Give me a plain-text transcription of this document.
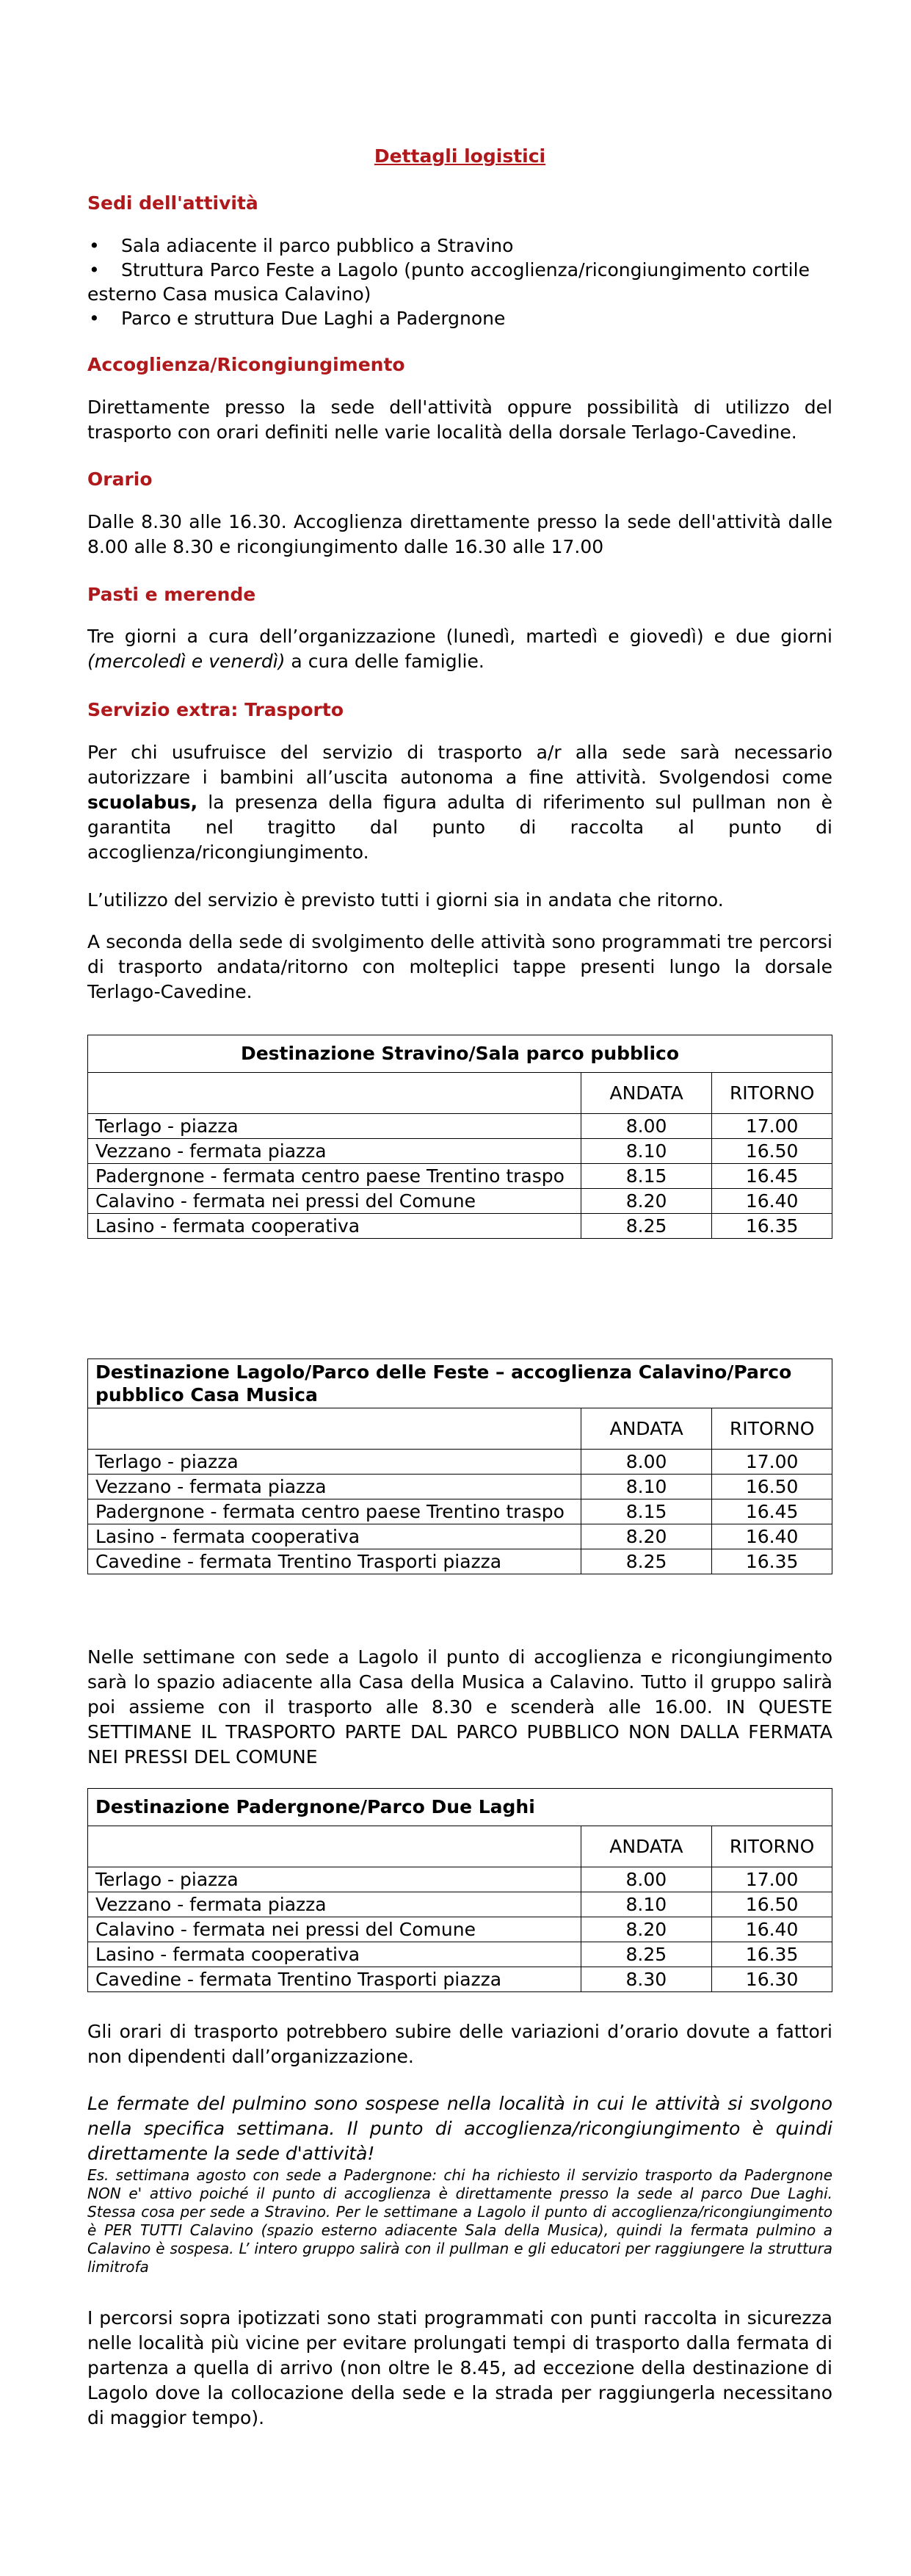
Dettagli logistici
Sedi dell'attività
• Sala adiacente il parco pubblico a Stravino
• Struttura Parco Feste a Lagolo (punto accoglienza/ricongiungimento cortile esterno Casa musica Calavino)
• Parco e struttura Due Laghi a Padergnone
Accoglienza/Ricongiungimento

Direttamente presso la sede dell'attività oppure possibilità di utilizzo del trasporto con orari definiti nelle varie località della dorsale Terlago-Cavedine.

Orario

Dalle 8.30 alle 16.30. Accoglienza direttamente presso la sede dell'attività dalle 8.00 alle 8.30 e ricongiungimento dalle 16.30 alle 17.00

Pasti e merende

Tre giorni a cura dell’organizzazione (lunedì, martedì e giovedì) e due giorni (mercoledì e venerdì) a cura delle famiglie.

Servizio extra: Trasporto

Per chi usufruisce del servizio di trasporto a/r alla sede sarà necessario autorizzare i bambini all’uscita autonoma a fine attività. Svolgendosi come scuolabus, la presenza della figura adulta di riferimento sul pullman non è garantita nel tragitto dal punto di raccolta al punto di accoglienza/ricongiungimento.

L’utilizzo del servizio è previsto tutti i giorni sia in andata che ritorno.

A seconda della sede di svolgimento delle attività sono programmati tre percorsi di trasporto andata/ritorno con molteplici tappe presenti lungo la dorsale Terlago-Cavedine.

Destinazione Stravino/Sala parco pubblico		
	ANDATA	RITORNO
Terlago - piazza	8.00	17.00
Vezzano - fermata piazza	8.10	16.50
Padergnone - fermata centro paese Trentino traspo	8.15	16.45
Calavino - fermata nei pressi del Comune	8.20	16.40
Lasino - fermata cooperativa	8.25	16.35
Destinazione Lagolo/Parco delle Feste – accoglienza Calavino/Parco pubblico Casa Musica		
	ANDATA	RITORNO
Terlago - piazza	8.00	17.00
Vezzano - fermata piazza	8.10	16.50
Padergnone - fermata centro paese Trentino traspo	8.15	16.45
Lasino - fermata cooperativa	8.20	16.40
Cavedine - fermata Trentino Trasporti piazza	8.25	16.35

Nelle settimane con sede a Lagolo il punto di accoglienza e ricongiungimento sarà lo spazio adiacente alla Casa della Musica a Calavino. Tutto il gruppo salirà poi assieme con il trasporto alle 8.30 e scenderà alle 16.00. IN QUESTE SETTIMANE IL TRASPORTO PARTE DAL PARCO PUBBLICO NON DALLA FERMATA NEI PRESSI DEL COMUNE

Destinazione Padergnone/Parco Due Laghi		
	ANDATA	RITORNO
Terlago - piazza	8.00	17.00
Vezzano - fermata piazza	8.10	16.50
Calavino - fermata nei pressi del Comune	8.20	16.40
Lasino - fermata cooperativa	8.25	16.35
Cavedine - fermata Trentino Trasporti piazza	8.30	16.30

Gli orari di trasporto potrebbero subire delle variazioni d’orario dovute a fattori non dipendenti dall’organizzazione.

Le fermate del pulmino sono sospese nella località in cui le attività si svolgono nella specifica settimana. Il punto di accoglienza/ricongiungimento è quindi direttamente la sede d'attività!

Es. settimana agosto con sede a Padergnone: chi ha richiesto il servizio trasporto da Padergnone NON e' attivo poiché il punto di accoglienza è direttamente presso la sede al parco Due Laghi. Stessa cosa per sede a Stravino. Per le settimane a Lagolo il punto di accoglienza/ricongiungimento è PER TUTTI Calavino (spazio esterno adiacente Sala della Musica), quindi la fermata pulmino a Calavino è sospesa. L’ intero gruppo salirà con il pullman e gli educatori per raggiungere la struttura limitrofa

I percorsi sopra ipotizzati sono stati programmati con punti raccolta in sicurezza nelle località più vicine per evitare prolungati tempi di trasporto dalla fermata di partenza a quella di arrivo (non oltre le 8.45, ad eccezione della destinazione di Lagolo dove la collocazione della sede e la strada per raggiungerla necessitano di maggior tempo).
